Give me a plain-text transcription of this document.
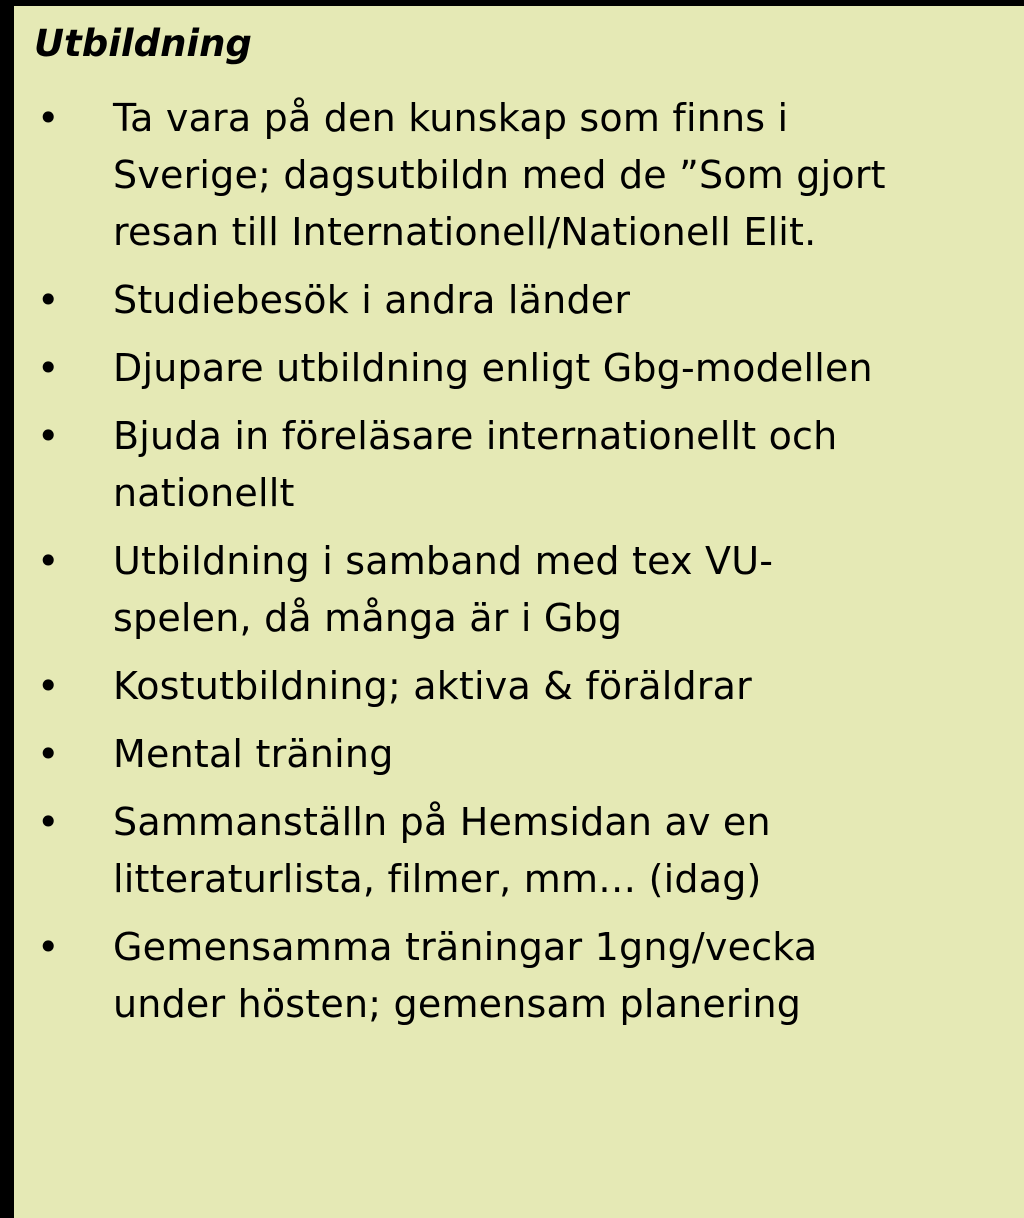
Utbildning
• Ta vara på den kunskap som finns i
Sverige; dagsutbildn med de ”Som gjort
resan till Internationell/Nationell Elit.
• Studiebesök i andra länder
• Djupare utbildning enligt Gbg-modellen
• Bjuda in föreläsare internationellt och
nationellt
• Utbildning i samband med tex VU-
spelen, då många är i Gbg
• Kostutbildning; aktiva & föräldrar
• Mental träning
• Sammanställn på Hemsidan av en
litteraturlista, filmer, mm… (idag)
• Gemensamma träningar 1gng/vecka
under hösten; gemensam planering
